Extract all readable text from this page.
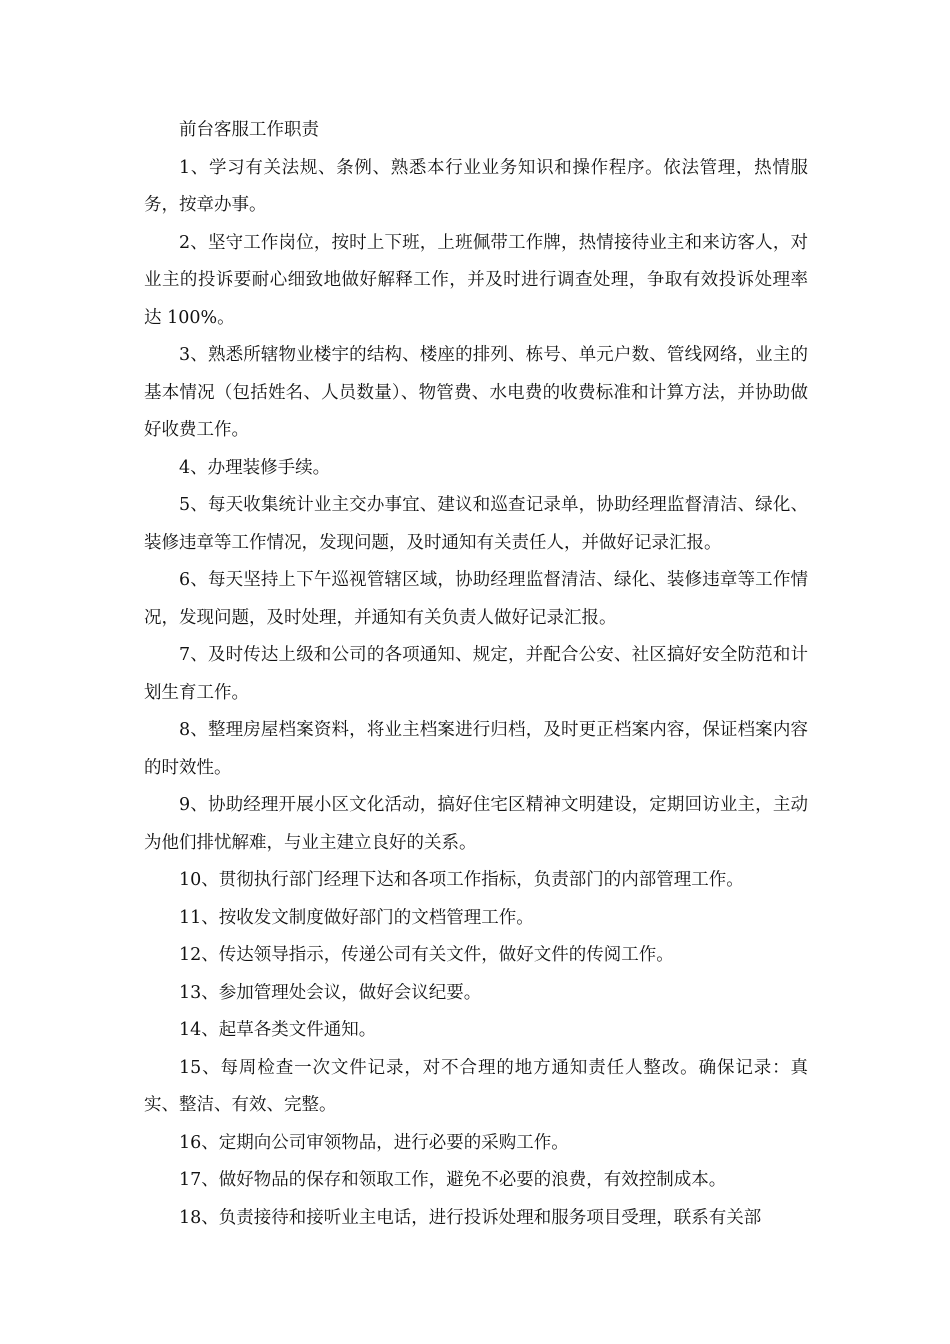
前台客服工作职责

1、学习有关法规、条例、熟悉本行业业务知识和操作程序。依法管理，热情服务，按章办事。

2、坚守工作岗位，按时上下班，上班佩带工作牌，热情接待业主和来访客人，对业主的投诉要耐心细致地做好解释工作，并及时进行调查处理，争取有效投诉处理率达 100%。

3、熟悉所辖物业楼宇的结构、楼座的排列、栋号、单元户数、管线网络，业主的基本情况（包括姓名、人员数量）、物管费、水电费的收费标准和计算方法，并协助做好收费工作。

4、办理装修手续。

5、每天收集统计业主交办事宜、建议和巡查记录单，协助经理监督清洁、绿化、装修违章等工作情况，发现问题，及时通知有关责任人，并做好记录汇报。

6、每天坚持上下午巡视管辖区域，协助经理监督清洁、绿化、装修违章等工作情况，发现问题，及时处理，并通知有关负责人做好记录汇报。

7、及时传达上级和公司的各项通知、规定，并配合公安、社区搞好安全防范和计划生育工作。

8、整理房屋档案资料，将业主档案进行归档，及时更正档案内容，保证档案内容的时效性。

9、协助经理开展小区文化活动，搞好住宅区精神文明建设，定期回访业主，主动为他们排忧解难，与业主建立良好的关系。

10、贯彻执行部门经理下达和各项工作指标，负责部门的内部管理工作。

11、按收发文制度做好部门的文档管理工作。

12、传达领导指示，传递公司有关文件，做好文件的传阅工作。

13、参加管理处会议，做好会议纪要。

14、起草各类文件通知。

15、每周检查一次文件记录，对不合理的地方通知责任人整改。确保记录：真实、整洁、有效、完整。

16、定期向公司审领物品，进行必要的采购工作。

17、做好物品的保存和领取工作，避免不必要的浪费，有效控制成本。

18、负责接待和接听业主电话，进行投诉处理和服务项目受理，联系有关部
